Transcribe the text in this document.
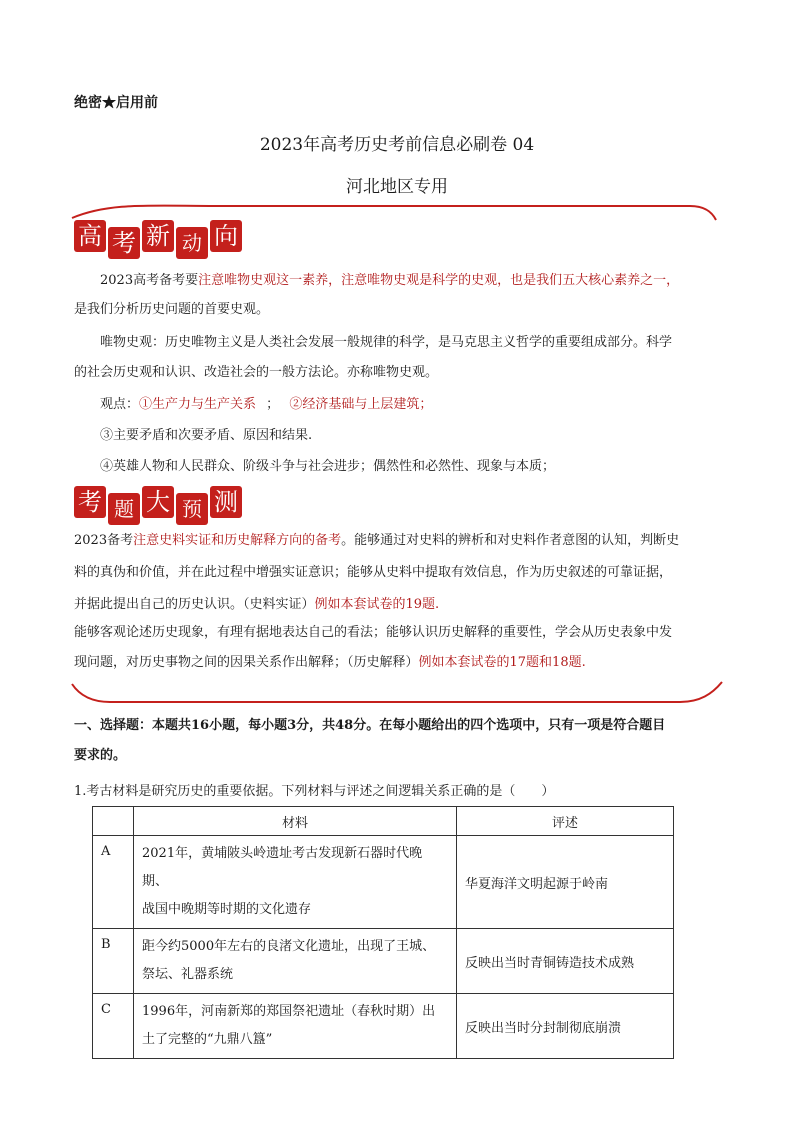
绝密★启用前
2023年高考历史考前信息必刷卷 04
河北地区专用
高 考 新 动 向
2023高考备考要注意唯物史观这一素养，注意唯物史观是科学的史观，也是我们五大核心素养之一，
是我们分析历史问题的首要史观。
唯物史观：历史唯物主义是人类社会发展一般规律的科学，是马克思主义哲学的重要组成部分。科学
的社会历史观和认识、改造社会的一般方法论。亦称唯物史观。
观点：①生产力与生产关系 ； ②经济基础与上层建筑；
③主要矛盾和次要矛盾、原因和结果.
④英雄人物和人民群众、阶级斗争与社会进步；偶然性和必然性、现象与本质；
考 题 大 预 测
2023备考注意史料实证和历史解释方向的备考。能够通过对史料的辨析和对史料作者意图的认知，判断史
料的真伪和价值，并在此过程中增强实证意识；能够从史料中提取有效信息，作为历史叙述的可靠证据，
并据此提出自己的历史认识。（史料实证）例如本套试卷的19题.
能够客观论述历史现象，有理有据地表达自己的看法；能够认识历史解释的重要性，学会从历史表象中发
现问题，对历史事物之间的因果关系作出解释；（历史解释）例如本套试卷的17题和18题.
一、选择题：本题共16小题，每小题3分，共48分。在每小题给出的四个选项中，只有一项是符合题目
要求的。
1.考古材料是研究历史的重要依据。下列材料与评述之间逻辑关系正确的是（　　）
	材料	评述
A	2021年，黄埔陂头岭遗址考古发现新石器时代晚期、
战国中晚期等时期的文化遗存	华夏海洋文明起源于岭南
B	距今约5000年左右的良渚文化遗址，出现了王城、
祭坛、礼器系统	反映出当时青铜铸造技术成熟
C	1996年，河南新郑的郑国祭祀遗址（春秋时期）出
土了完整的“九鼎八簋”	反映出当时分封制彻底崩溃
